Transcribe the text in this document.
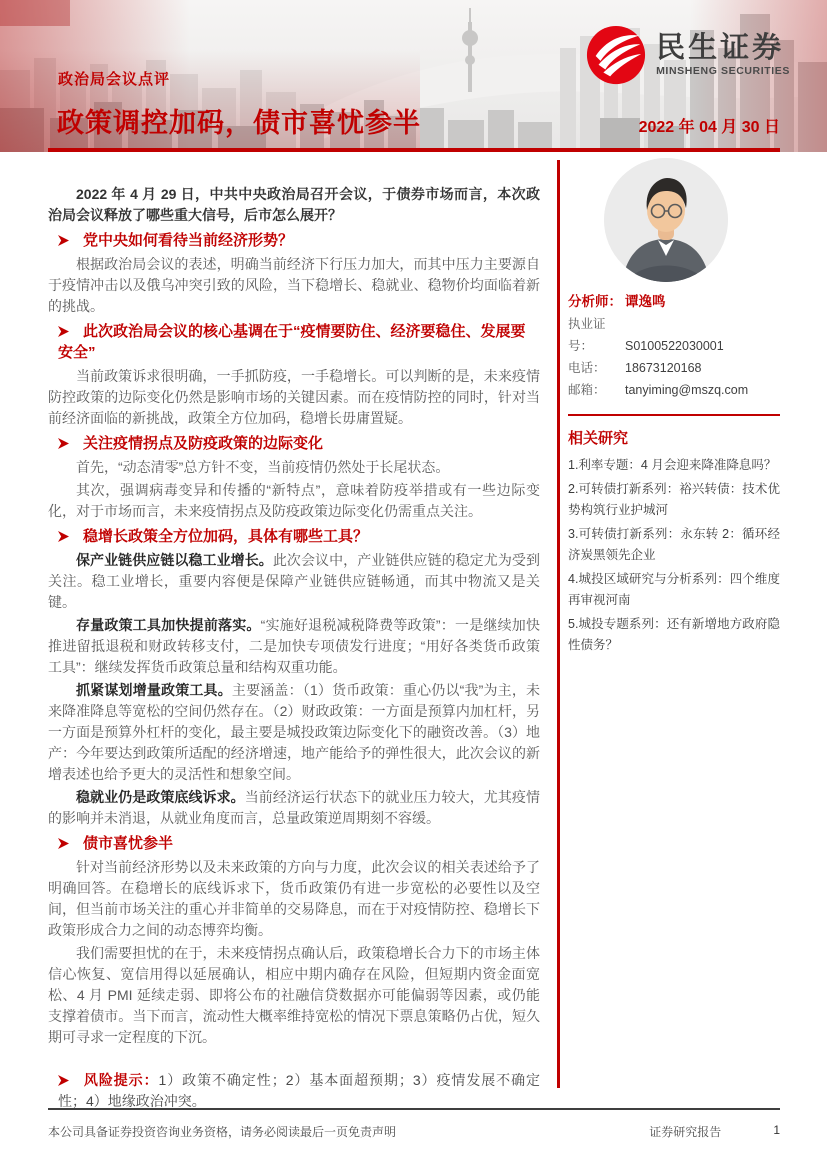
民生证券
MINSHENG SECURITIES
政治局会议点评
政策调控加码，债市喜忧参半	2022 年 04 月 30 日

2022 年 4 月 29 日，中共中央政治局召开会议，于债券市场而言，本次政治局会议释放了哪些重大信号，后市怎么展开？

党中央如何看待当前经济形势？

根据政治局会议的表述，明确当前经济下行压力加大，而其中压力主要源自于疫情冲击以及俄乌冲突引致的风险，当下稳增长、稳就业、稳物价均面临着新的挑战。

此次政治局会议的核心基调在于“疫情要防住、经济要稳住、发展要安全”

当前政策诉求很明确，一手抓防疫，一手稳增长。可以判断的是，未来疫情防控政策的边际变化仍然是影响市场的关键因素。而在疫情防控的同时，针对当前经济面临的新挑战，政策全方位加码，稳增长毋庸置疑。

关注疫情拐点及防疫政策的边际变化

首先，“动态清零”总方针不变，当前疫情仍然处于长尾状态。

其次，强调病毒变异和传播的“新特点”，意味着防疫举措或有一些边际变化，对于市场而言，未来疫情拐点及防疫政策边际变化仍需重点关注。

稳增长政策全方位加码，具体有哪些工具？

保产业链供应链以稳工业增长。此次会议中，产业链供应链的稳定尤为受到关注。稳工业增长，重要内容便是保障产业链供应链畅通，而其中物流又是关键。

存量政策工具加快提前落实。“实施好退税减税降费等政策”：一是继续加快推进留抵退税和财政转移支付，二是加快专项债发行进度；“用好各类货币政策工具”：继续发挥货币政策总量和结构双重功能。

抓紧谋划增量政策工具。主要涵盖：（1）货币政策：重心仍以“我”为主，未来降准降息等宽松的空间仍然存在。（2）财政政策：一方面是预算内加杠杆，另一方面是预算外杠杆的变化，最主要是城投政策边际变化下的融资改善。（3）地产：今年要达到政策所适配的经济增速，地产能给予的弹性很大，此次会议的新增表述也给予更大的灵活性和想象空间。

稳就业仍是政策底线诉求。当前经济运行状态下的就业压力较大，尤其疫情的影响并未消退，从就业角度而言，总量政策逆周期刻不容缓。

债市喜忧参半

针对当前经济形势以及未来政策的方向与力度，此次会议的相关表述给予了明确回答。在稳增长的底线诉求下，货币政策仍有进一步宽松的必要性以及空间，但当前市场关注的重心并非简单的交易降息，而在于对疫情防控、稳增长下政策形成合力之间的动态博弈均衡。

我们需要担忧的在于，未来疫情拐点确认后，政策稳增长合力下的市场主体信心恢复、宽信用得以延展确认，相应中期内确存在风险，但短期内资金面宽松、4 月 PMI 延续走弱、即将公布的社融信贷数据亦可能偏弱等因素，或仍能支撑着债市。当下而言，流动性大概率维持宽松的情况下票息策略仍占优，短久期可寻求一定程度的下沉。

风险提示：1）政策不确定性；2）基本面超预期；3）疫情发展不确定性；4）地缘政治冲突。

分析师： 谭逸鸣
执业证号：	S0100522030001
电话： 18673120168
邮箱： tanyiming@mszq.com
相关研究
1.利率专题：4 月会迎来降准降息吗？
2.可转债打新系列：裕兴转债：技术优势构筑行业护城河
3.可转债打新系列：永东转 2：循环经济炭黑领先企业
4.城投区域研究与分析系列：四个维度再审视河南
5.城投专题系列：还有新增地方政府隐性债务？
本公司具备证券投资咨询业务资格，请务必阅读最后一页免责声明	证券研究报告	1
